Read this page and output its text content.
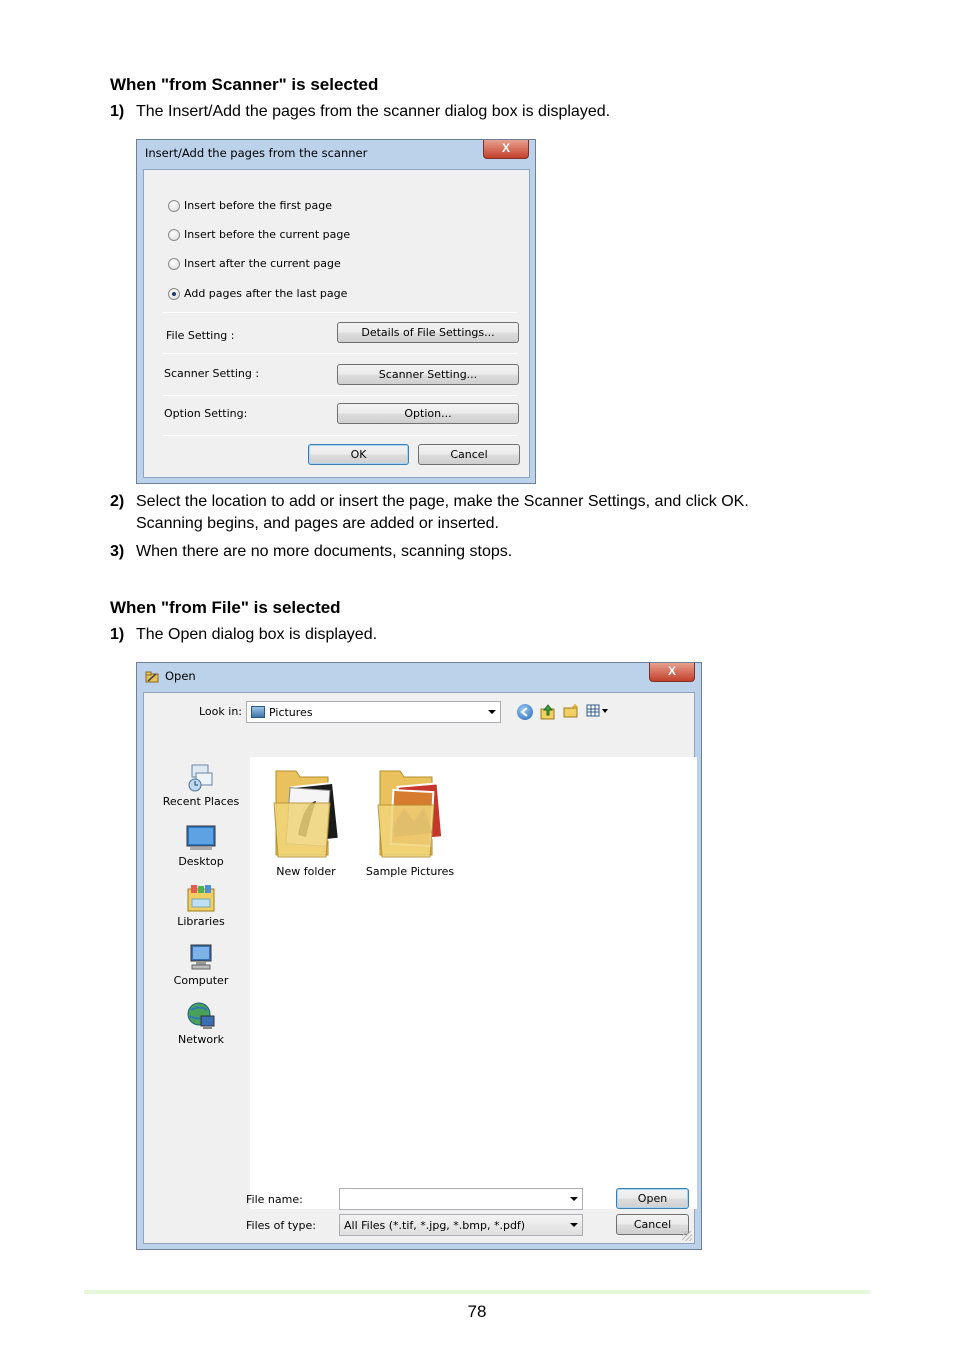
When "from Scanner" is selected
1) The Insert/Add the pages from the scanner dialog box is displayed.
Insert/Add the pages from the scanner	X
Insert before the first page
Insert before the current page
Insert after the current page
Add pages after the last page
File Setting :	Details of File Settings...
Scanner Setting :	Scanner Setting...
Option Setting:	Option...
OK	Cancel
2) Select the location to add or insert the page, make the Scanner Settings, and click OK.
Scanning begins, and pages are added or inserted.
3) When there are no more documents, scanning stops.
When "from File" is selected
1) The Open dialog box is displayed.
Open	X
Look in: Pictures
Recent Places
Desktop
Libraries
Computer
Network
New folder	Sample Pictures
File name:	Open
Files of type:	All Files (*.tif, *.jpg, *.bmp, *.pdf)	Cancel
78
